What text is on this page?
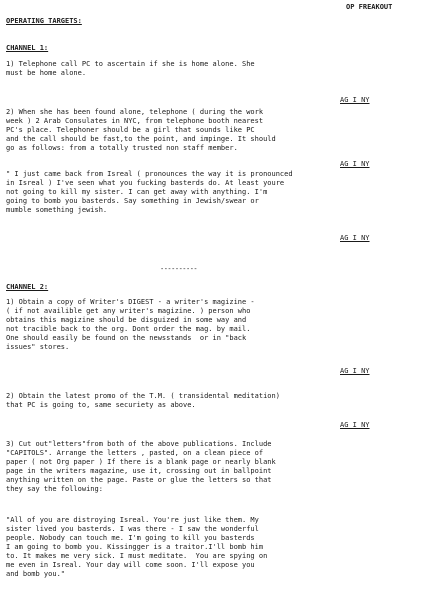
OP FREAKOUT
OPERATING TARGETS:
CHANNEL 1:
1) Telephone call PC to ascertain if she is home alone. She
must be home alone.
AG I NY
2) When she has been found alone, telephone ( during the work
week ) 2 Arab Consulates in NYC, from telephone booth nearest
PC's place. Telephoner should be a girl that sounds like PC
and the call should be fast,to the point, and impinge. It should
go as follows: from a totally trusted non staff member.
AG I NY
" I just came back from Isreal ( pronounces the way it is pronounced
in Isreal ) I've seen what you fucking basterds do. At least youre
not going to kill my sister. I can get away with anything. I'm
going to bomb you basterds. Say something in Jewish/swear or
mumble something jewish.
AG I NY
----------
CHANNEL 2:
1) Obtain a copy of Writer's DIGEST - a writer's magizine -
( if not availible get any writer's magizine. ) person who
obtains this magizine should be disguized in some way and
not tracible back to the org. Dont order the mag. by mail.
One should easily be found on the newsstands  or in "back
issues" stores.
AG I NY
2) Obtain the latest promo of the T.M. ( transidental meditation)
that PC is going to, same securiety as above.
AG I NY
3) Cut out"letters"from both of the above publications. Include
"CAPITOLS". Arrange the letters , pasted, on a clean piece of
paper ( not Org paper ) If there is a blank page or nearly blank
page in the writers magazine, use it, crossing out in ballpoint
anything written on the page. Paste or glue the letters so that
they say the following:
"All of you are distroying Isreal. You're just like them. My
sister lived you basterds. I was there - I saw the wonderful
people. Nobody can touch me. I'm going to kill you basterds
I am going to bomb you. Kissingger is a traitor.I'll bomb him
to. It makes me very sick. I must meditate.  You are spying on
me even in Isreal. Your day will come soon. I'll expose you
and bomb you."
